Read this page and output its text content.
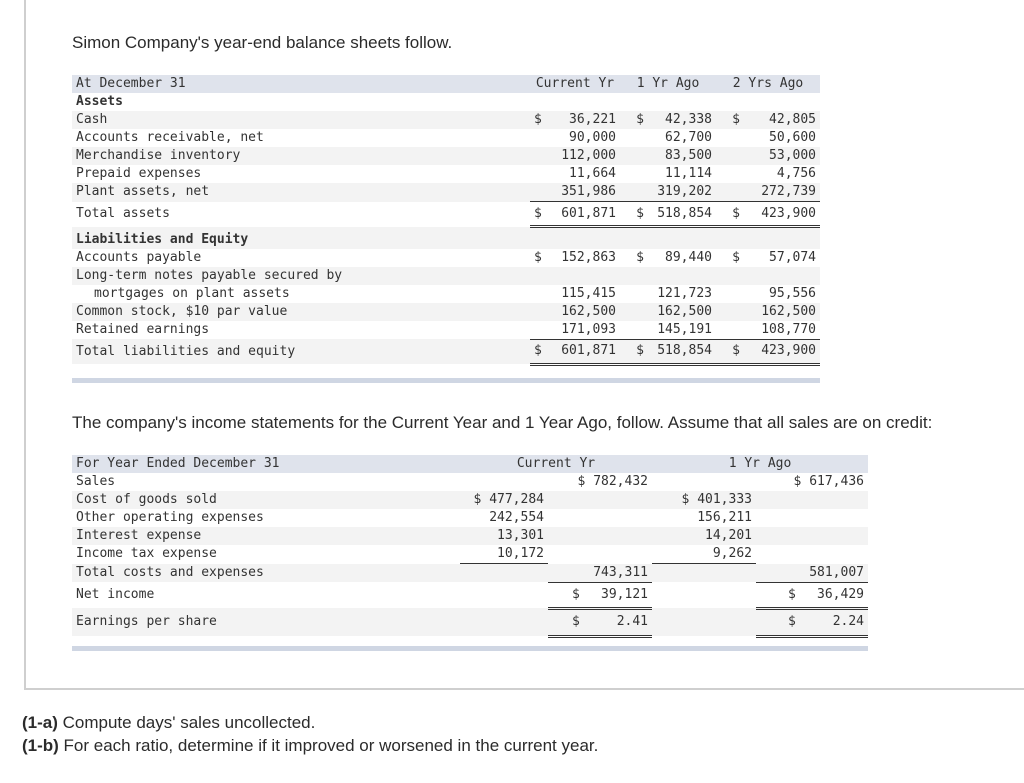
Simon Company's year-end balance sheets follow.
At December 31	Current Yr		1 Yr Ago		2 Yrs Ago	
Assets						
Cash	$	36,221	$	42,338	$	42,805
Accounts receivable, net		90,000		62,700		50,600
Merchandise inventory		112,000		83,500		53,000
Prepaid expenses		11,664		11,114		4,756
Plant assets, net		351,986		319,202		272,739
Total assets	$	601,871	$	518,854	$	423,900
Liabilities and Equity						
Accounts payable	$	152,863	$	89,440	$	57,074
Long-term notes payable secured by						
mortgages on plant assets		115,415		121,723		95,556
Common stock, $10 par value		162,500		162,500		162,500
Retained earnings		171,093		145,191		108,770
Total liabilities and equity	$	601,871	$	518,854	$	423,900
The company's income statements for the Current Year and 1 Year Ago, follow. Assume that all sales are on credit:
For Year Ended December 31	Current Yr		1 Yr Ago	
Sales		$ 782,432		$ 617,436
Cost of goods sold	$ 477,284		$ 401,333	
Other operating expenses	242,554		156,211	
Interest expense	13,301		14,201	
Income tax expense	10,172		9,262	
Total costs and expenses		743,311		581,007
Net income		$ 39,121		$ 36,429

Earnings per share		$ 2.41		$ 2.24
(1-a) Compute days' sales uncollected.
(1-b) For each ratio, determine if it improved or worsened in the current year.
